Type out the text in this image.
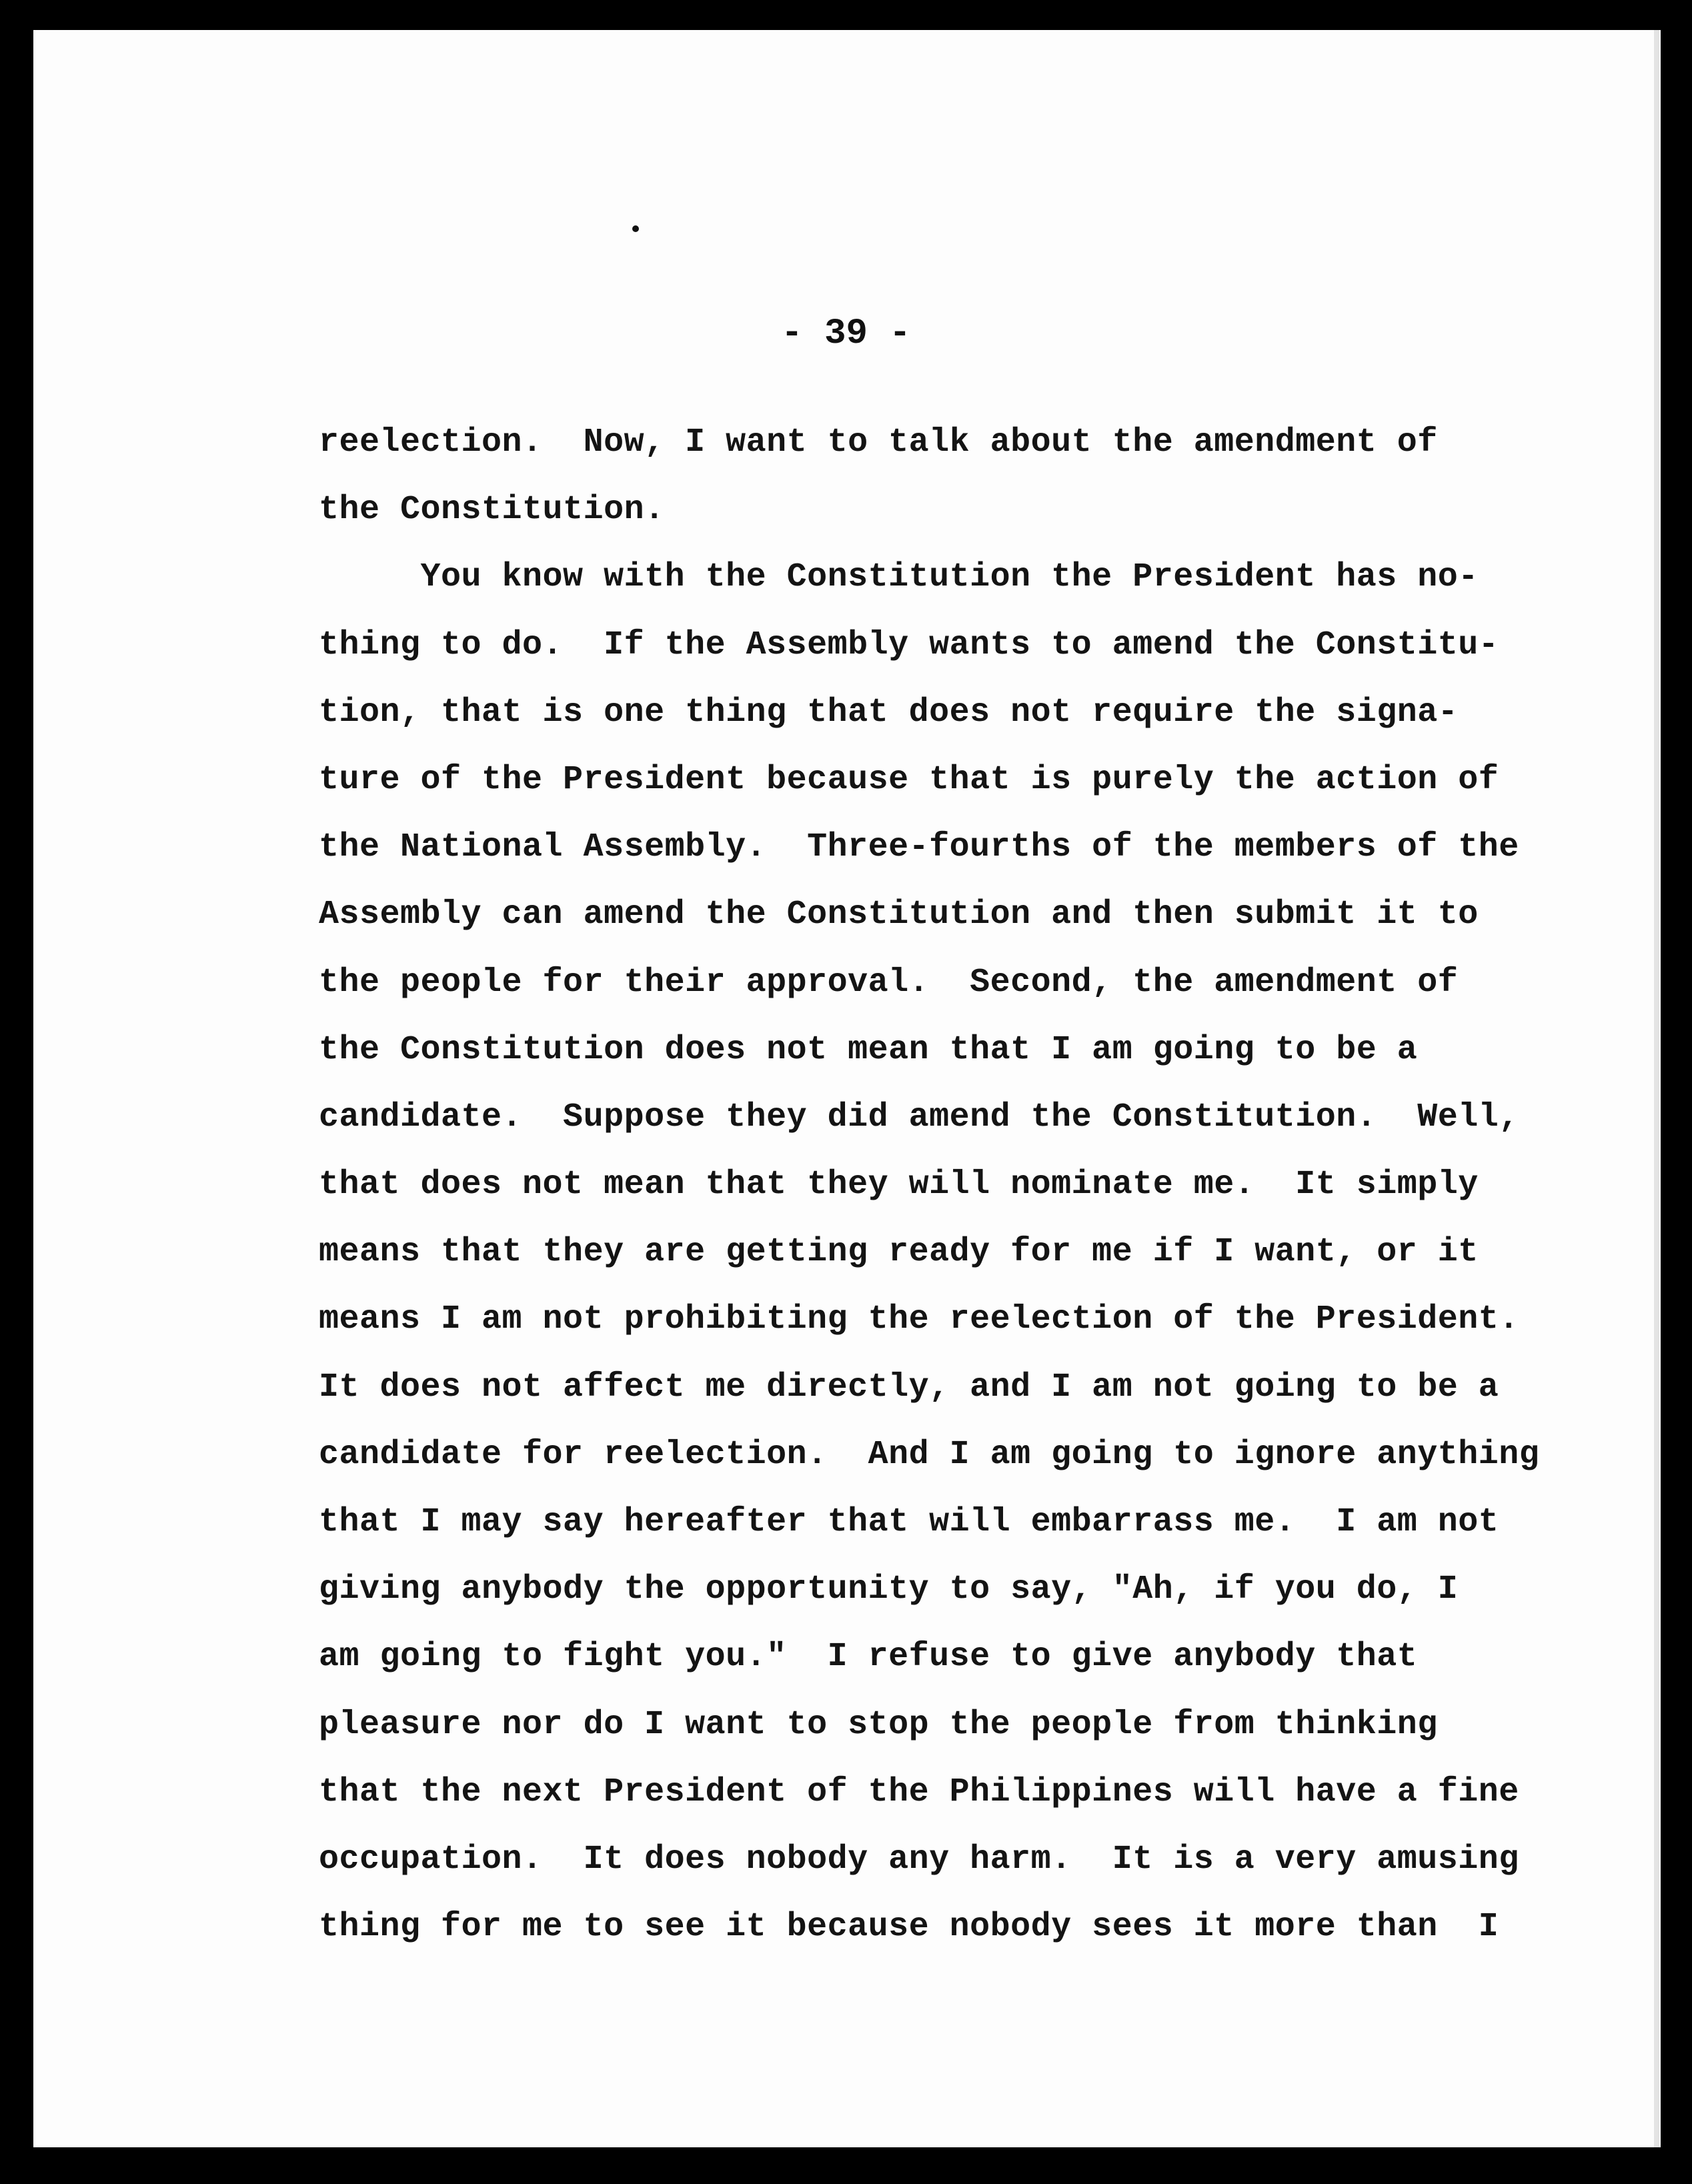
- 39 -
reelection.  Now, I want to talk about the amendment of
the Constitution.
You know with the Constitution the President has no-
thing to do.  If the Assembly wants to amend the Constitu-
tion, that is one thing that does not require the signa-
ture of the President because that is purely the action of
the National Assembly.  Three-fourths of the members of the
Assembly can amend the Constitution and then submit it to
the people for their approval.  Second, the amendment of
the Constitution does not mean that I am going to be a
candidate.  Suppose they did amend the Constitution.  Well,
that does not mean that they will nominate me.  It simply
means that they are getting ready for me if I want, or it
means I am not prohibiting the reelection of the President.
It does not affect me directly, and I am not going to be a
candidate for reelection.  And I am going to ignore anything
that I may say hereafter that will embarrass me.  I am not
giving anybody the opportunity to say, "Ah, if you do, I
am going to fight you."  I refuse to give anybody that
pleasure nor do I want to stop the people from thinking
that the next President of the Philippines will have a fine
occupation.  It does nobody any harm.  It is a very amusing
thing for me to see it because nobody sees it more than  I
